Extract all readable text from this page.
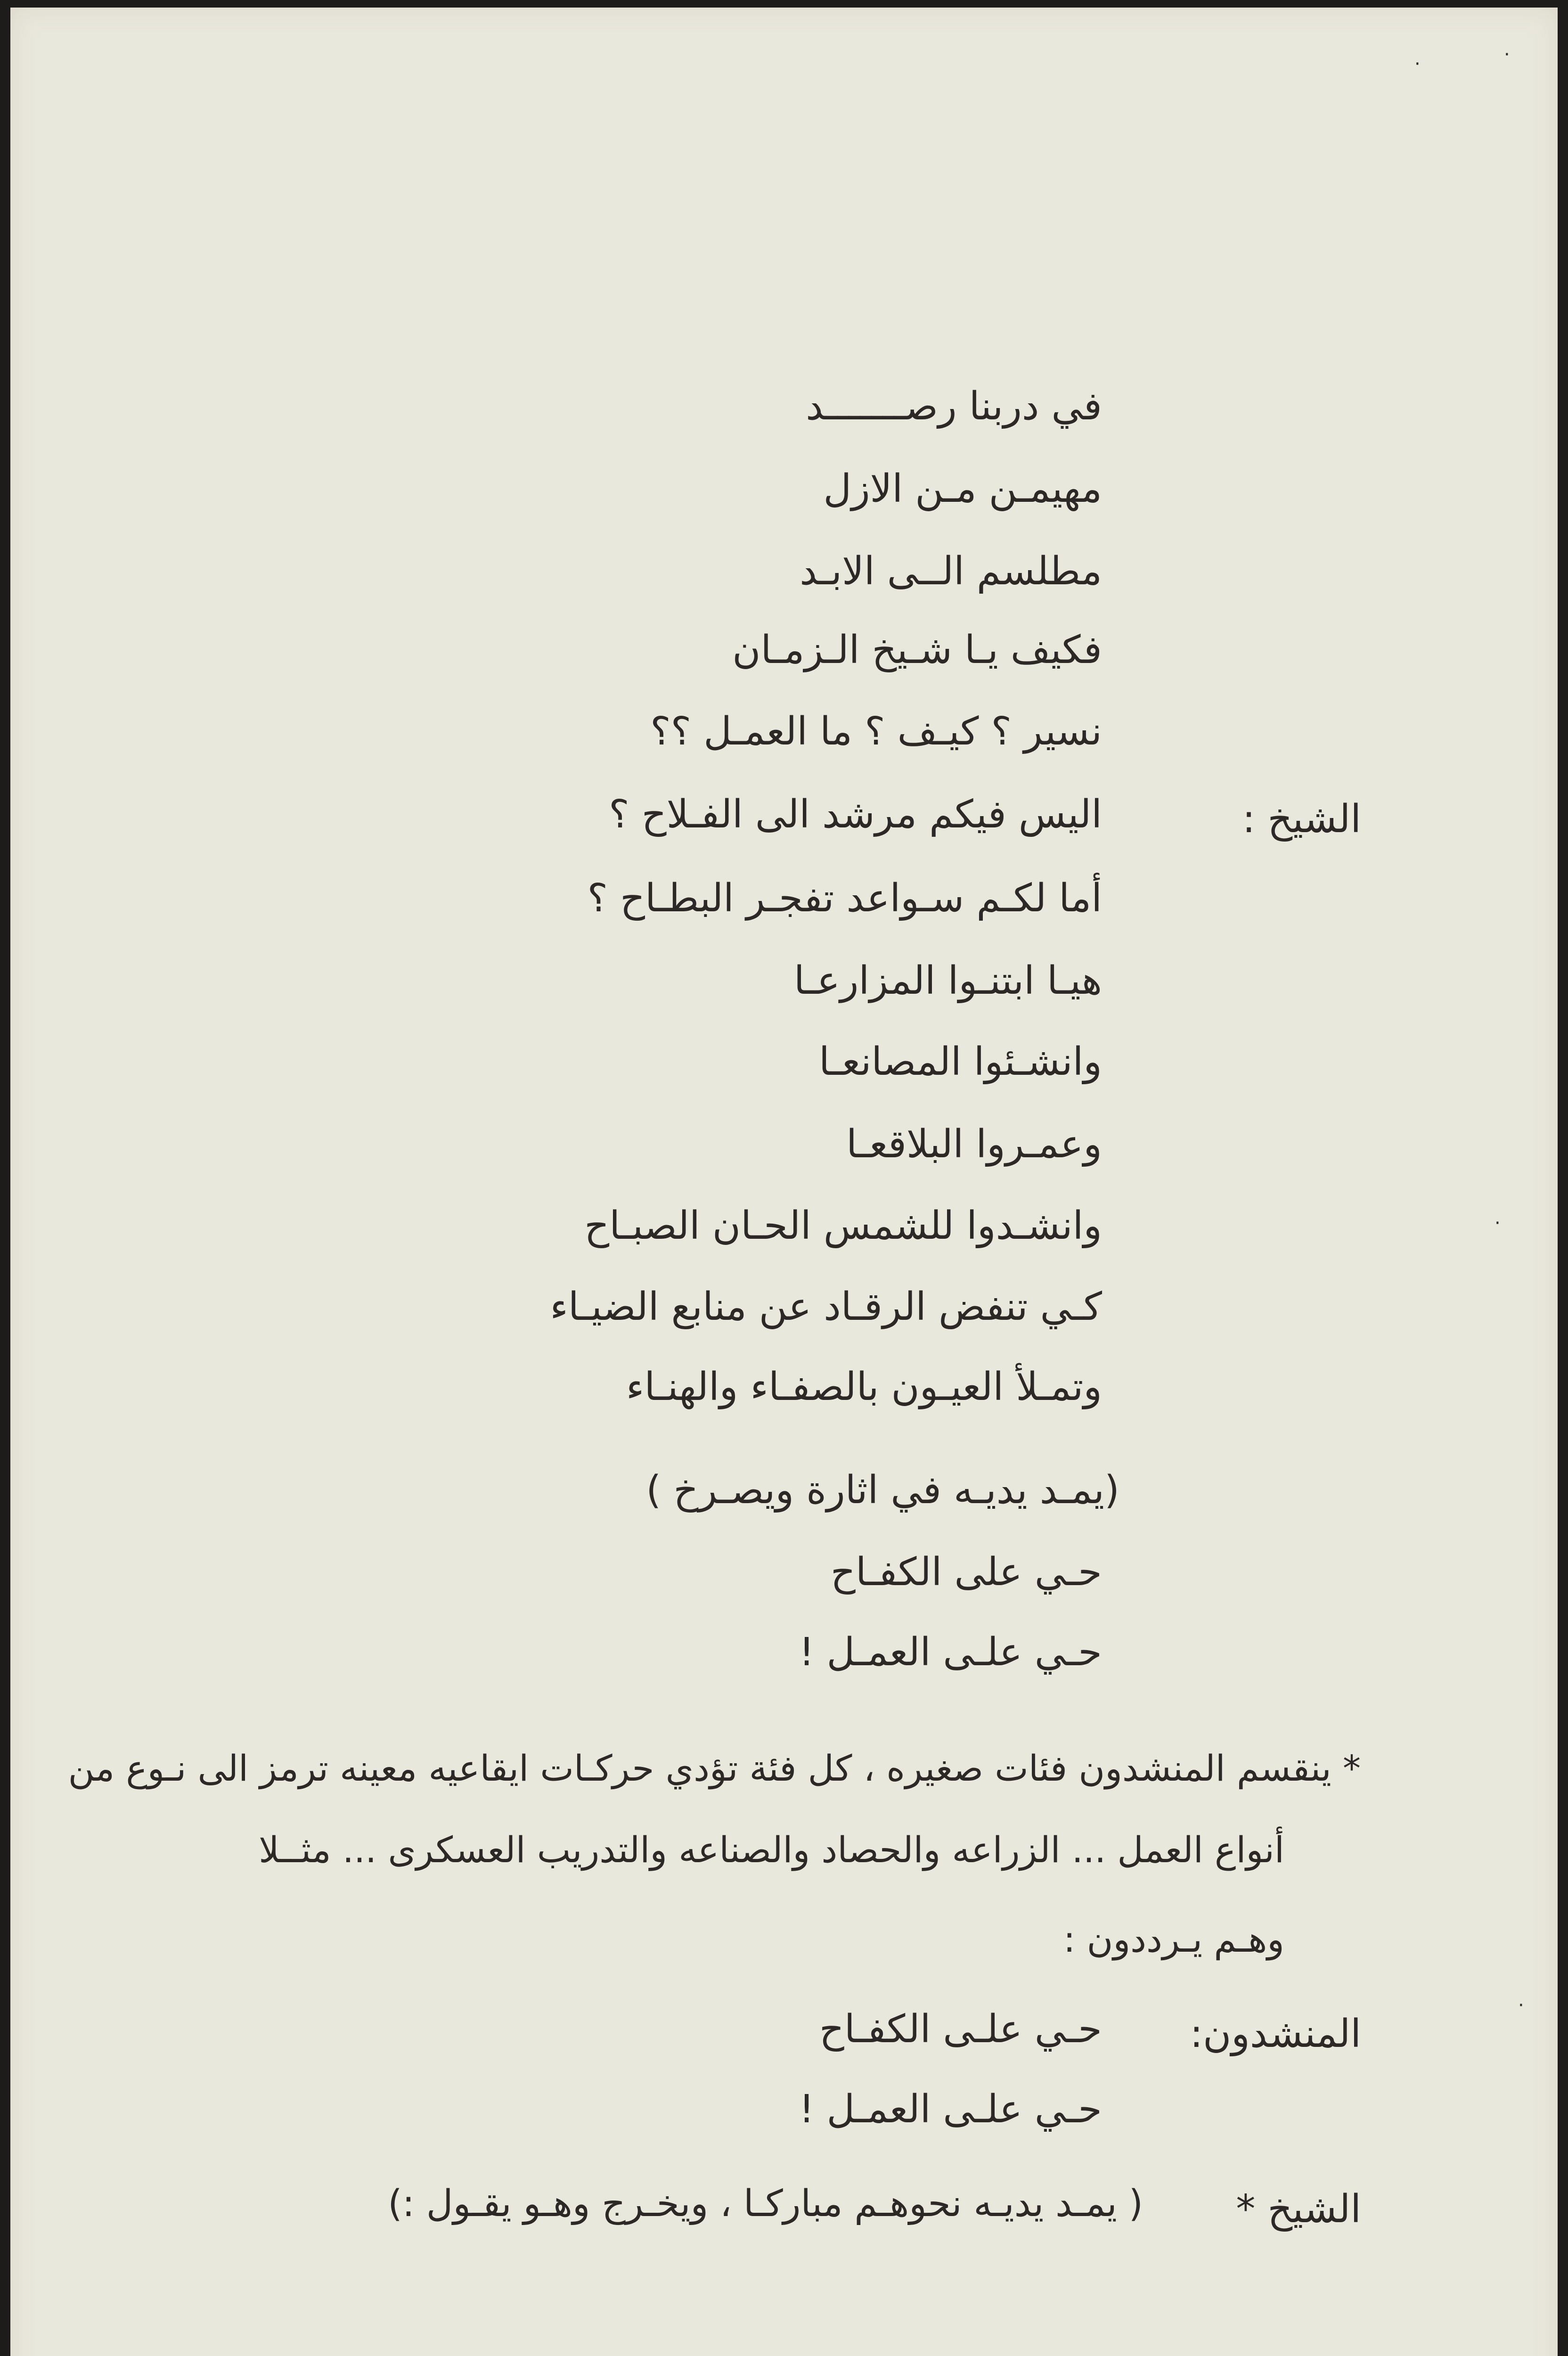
في دربنا رصـــــــد
مهيمـن مـن الازل
مطلسم الــى الابـد
فكيف يـا شـيخ الـزمـان
نسير ؟ كيـف ؟ ما العمـل ؟؟
الشيخ :
اليس فيكم مرشد الى الفـلاح ؟
أما لكـم سـواعد تفجـر البطـاح ؟
هيـا ابتنـوا المزارعـا
وانشـئوا المصانعـا
وعمـروا البلاقعـا
وانشـدوا للشمس الحـان الصبـاح
كـي تنفض الرقـاد عن منابع الضيـاء
وتمـلأ العيـون بالصفـاء والهنـاء
(يمـد يديـه في اثارة ويصـرخ )
حـي على الكفـاح
حـي علـى العمـل !
* ينقسم المنشدون فئات صغيره ، كل فئة تؤدي حركـات ايقاعيه معينه ترمز الى نـوع من
أنواع العمل ... الزراعه والحصاد والصناعه والتدريب العسكرى ... مثــلا
وهـم يـرددون :
المنشدون:
حـي علـى الكفـاح
حـي علـى العمـل !
الشيخ *
( يمـد يديـه نحوهـم مباركـا ، ويخـرج وهـو يقـول :)
·	·
·
·
